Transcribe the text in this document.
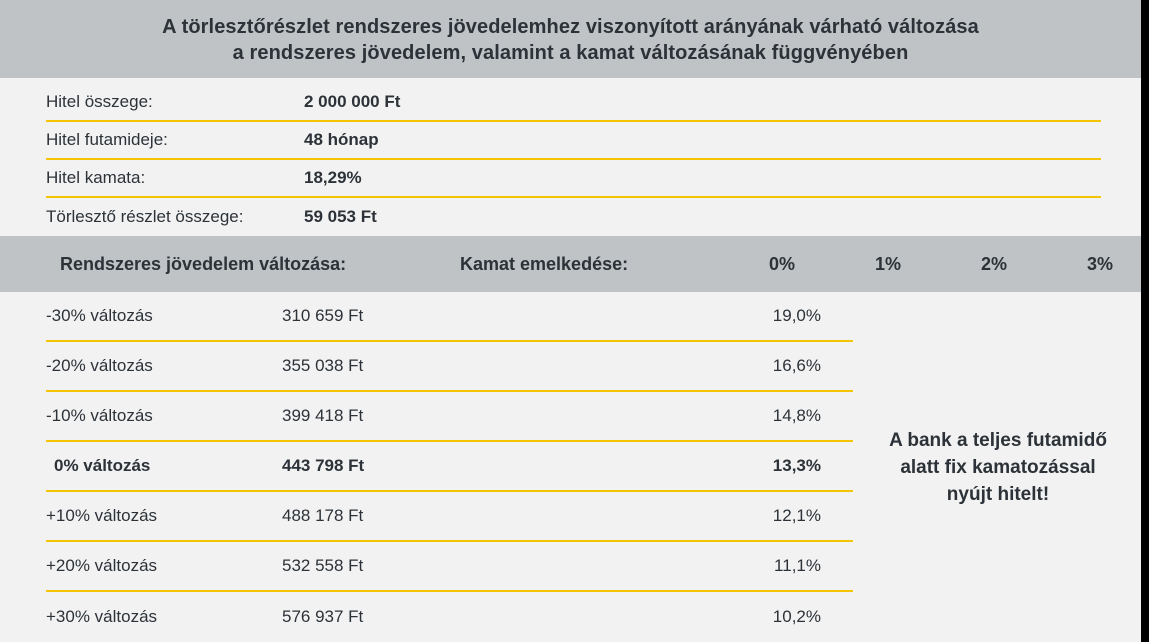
A törlesztőrészlet rendszeres jövedelemhez viszonyított arányának várható változása
a rendszeres jövedelem, valamint a kamat változásának függvényében
Hitel összege:	2 000 000 Ft
Hitel futamideje:	48 hónap
Hitel kamata:	18,29%
Törlesztő részlet összege:	59 053 Ft
Rendszeres jövedelem változása:	Kamat emelkedése:	0%	1%	2%	3%
-30% változás	310 659 Ft	19,0%
-20% változás	355 038 Ft	16,6%
-10% változás	399 418 Ft	14,8%
0% változás	443 798 Ft	13,3%
+10% változás	488 178 Ft	12,1%
+20% változás	532 558 Ft	11,1%
+30% változás	576 937 Ft	10,2%
A bank a teljes futamidő alatt fix kamatozással nyújt hitelt!
